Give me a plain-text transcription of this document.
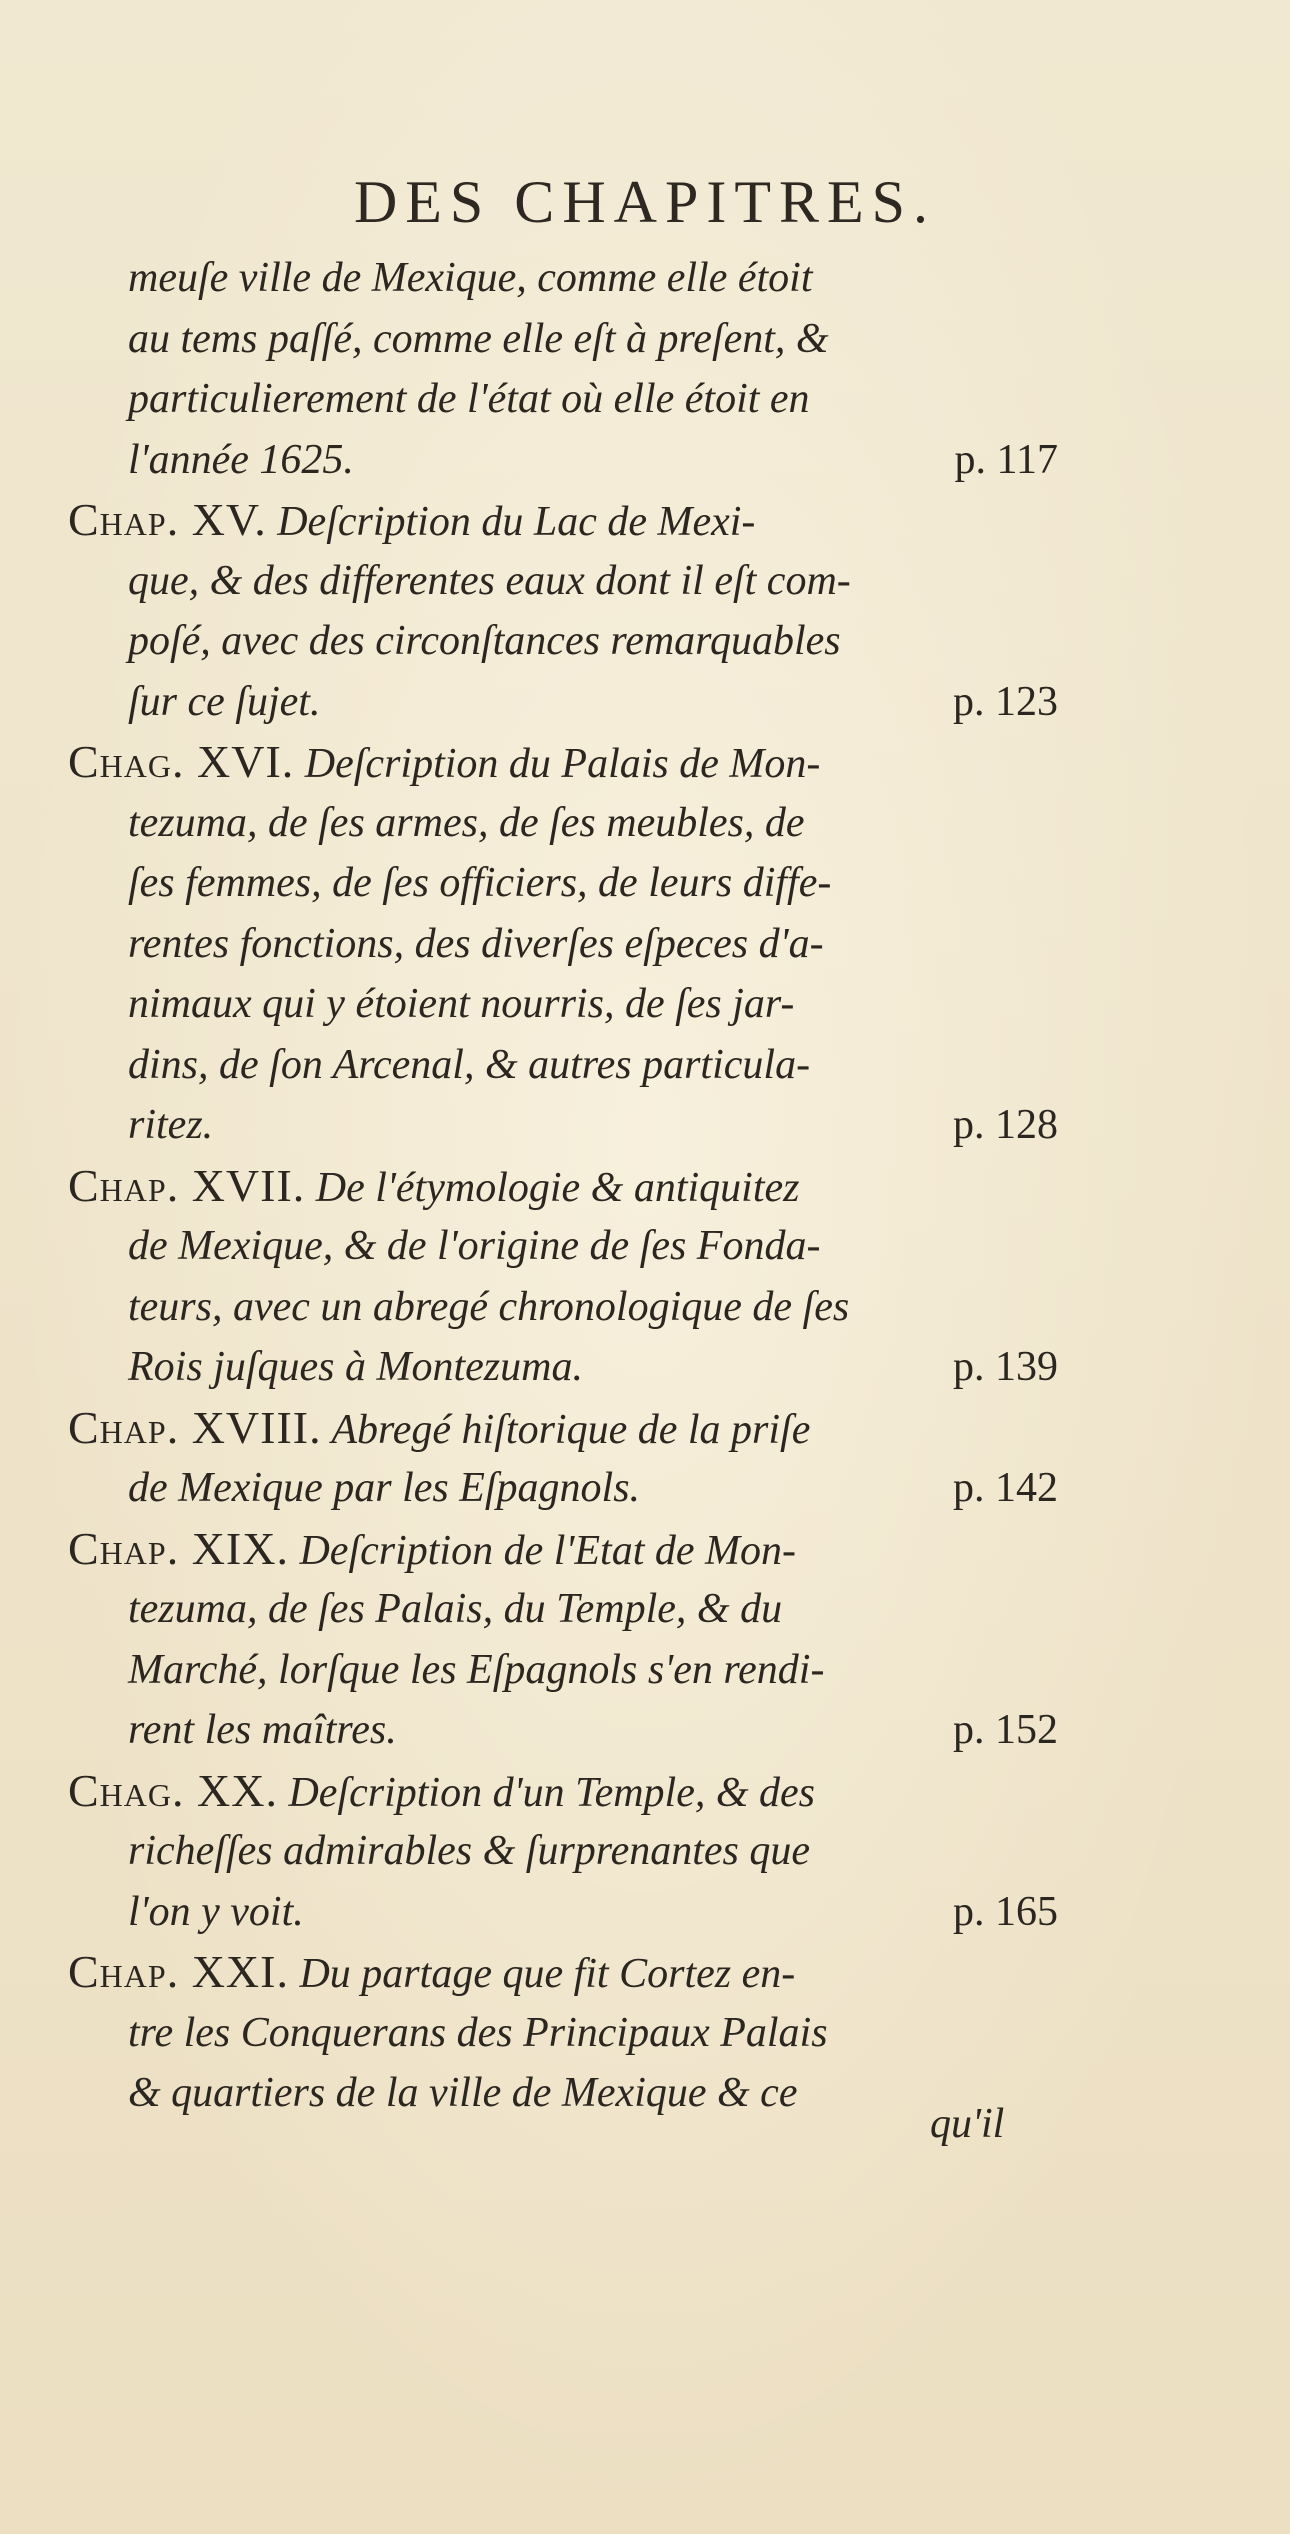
DES CHAPITRES.
meuſe ville de Mexique, comme elle étoit
au tems paſſé, comme elle eſt à preſent, &
particulierement de l'état où elle étoit en
l'année 1625.	p. 117
Chap. XV. Deſcription du Lac de Mexi-
que, & des differentes eaux dont il eſt com-
poſé, avec des circonſtances remarquables
ſur ce ſujet.	p. 123
Chag. XVI. Deſcription du Palais de Mon-
tezuma, de ſes armes, de ſes meubles, de
ſes femmes, de ſes officiers, de leurs diffe-
rentes fonctions, des diverſes eſpeces d'a-
nimaux qui y étoient nourris, de ſes jar-
dins, de ſon Arcenal, & autres particula-
ritez.	p. 128
Chap. XVII. De l'étymologie & antiquitez
de Mexique, & de l'origine de ſes Fonda-
teurs, avec un abregé chronologique de ſes
Rois juſques à Montezuma.	p. 139
Chap. XVIII. Abregé hiſtorique de la priſe
de Mexique par les Eſpagnols.	p. 142
Chap. XIX. Deſcription de l'Etat de Mon-
tezuma, de ſes Palais, du Temple, & du
Marché, lorſque les Eſpagnols s'en rendi-
rent les maîtres.	p. 152
Chag. XX. Deſcription d'un Temple, & des
richeſſes admirables & ſurprenantes que
l'on y voit.	p. 165
Chap. XXI. Du partage que fit Cortez en-
tre les Conquerans des Principaux Palais
& quartiers de la ville de Mexique & ce
qu'il
